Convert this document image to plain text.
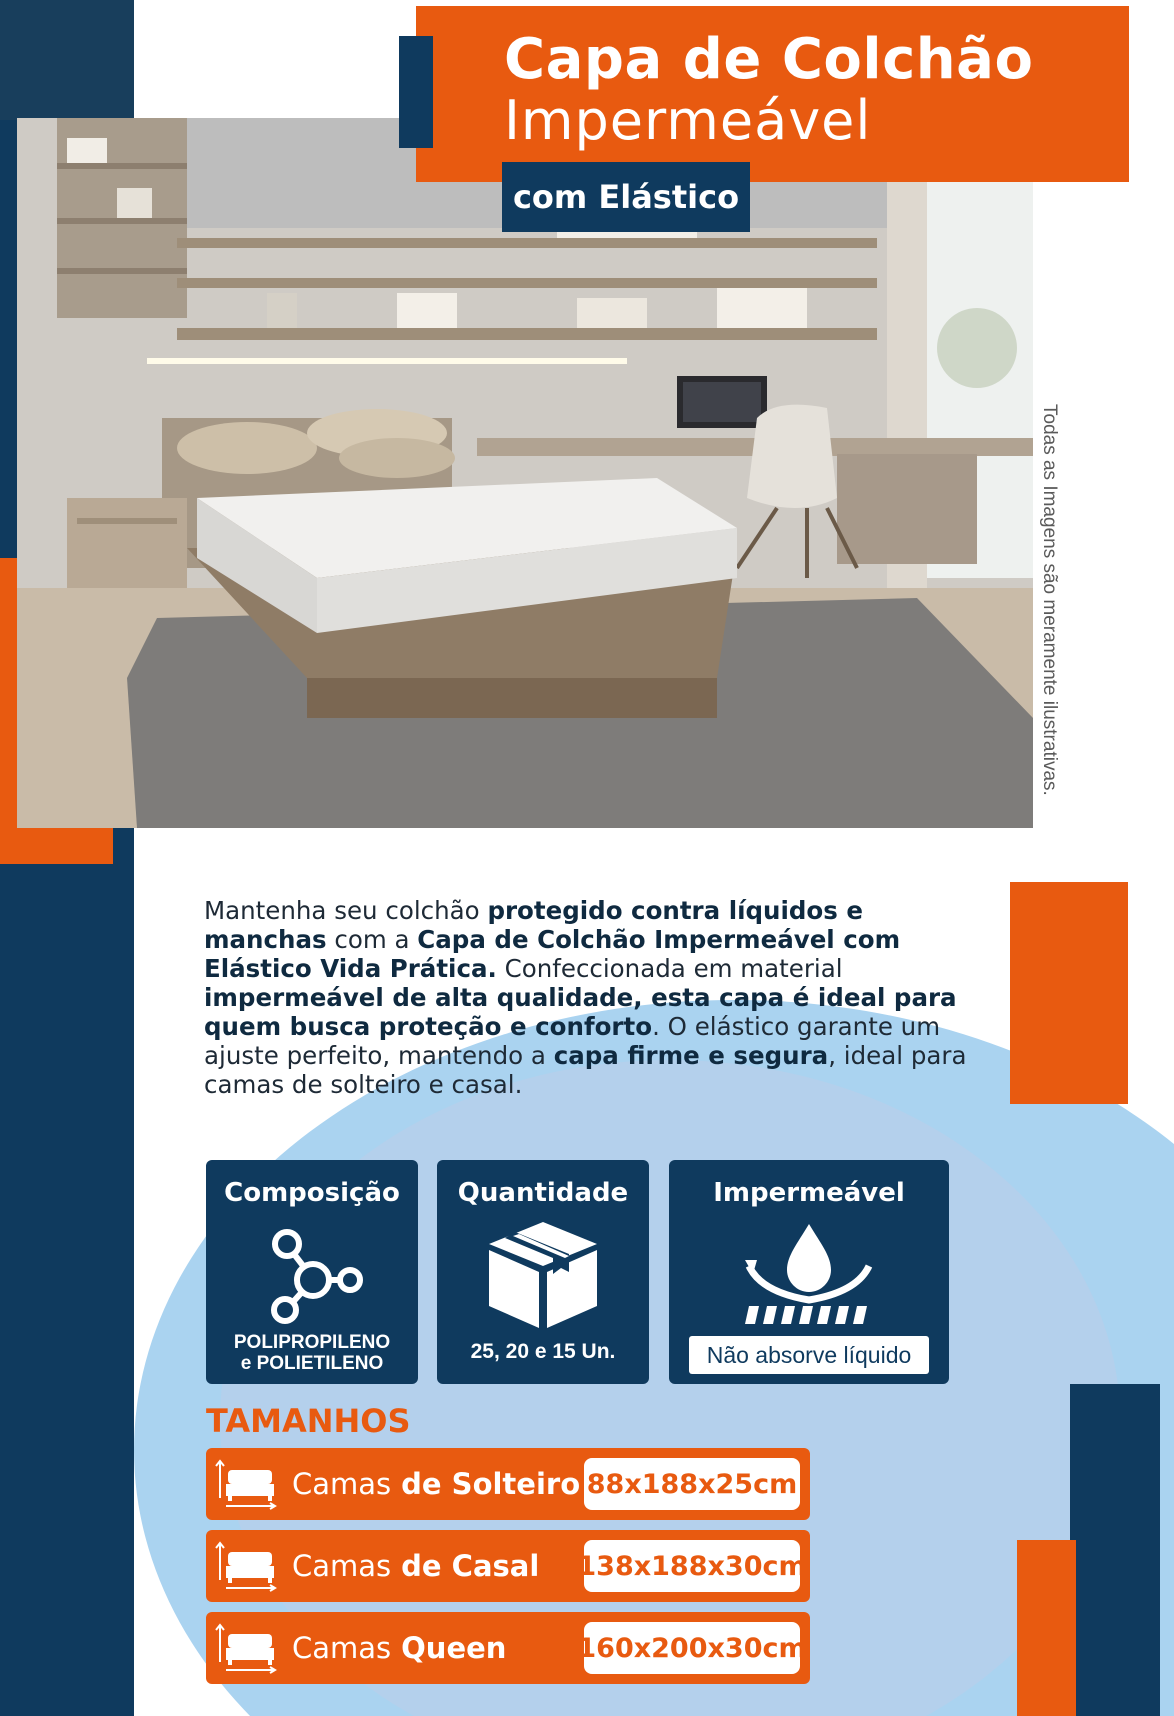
Capa de Colchão
Impermeável
com Elástico
Todas as Imagens são meramente ilustrativas.
Mantenha seu colchão protegido contra líquidos e manchas com a Capa de Colchão Impermeável com Elástico Vida Prática. Confeccionada em material impermeável de alta qualidade, esta capa é ideal para quem busca proteção e conforto. O elástico garante um ajuste perfeito, mantendo a capa firme e segura, ideal para camas de solteiro e casal.
Composição
POLIPROPILENO
e POLIETILENO
Quantidade
25, 20 e 15 Un.
Impermeável
Não absorve líquido
TAMANHOS
Camas de Solteiro 88x188x25cm
Camas de Casal 138x188x30cm
Camas Queen	160x200x30cm
